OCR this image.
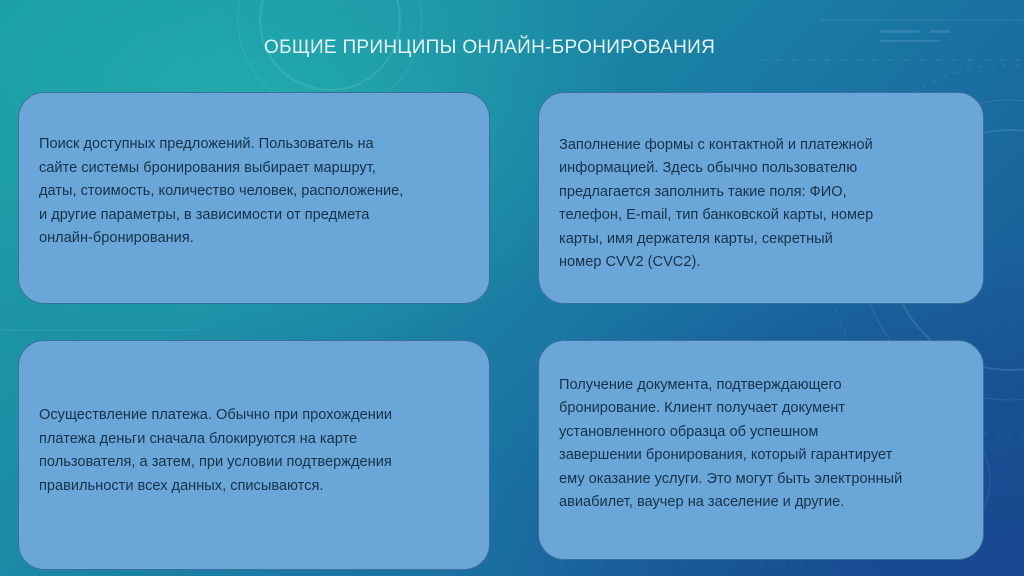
ОБЩИЕ ПРИНЦИПЫ ОНЛАЙН-БРОНИРОВАНИЯ
Поиск доступных предложений. Пользователь на
сайте системы бронирования выбирает маршрут,
даты, стоимость, количество человек, расположение,
и другие параметры, в зависимости от предмета
онлайн-бронирования.
Заполнение формы с контактной и платежной
информацией. Здесь обычно пользователю
предлагается заполнить такие поля: ФИО,
телефон, E-mail, тип банковской карты, номер
карты, имя держателя карты, секретный
номер CVV2 (CVC2).
Осуществление платежа. Обычно при прохождении
платежа деньги сначала блокируются на карте
пользователя, а затем, при условии подтверждения
правильности всех данных, списываются.
Получение документа, подтверждающего
бронирование. Клиент получает документ
установленного образца об успешном
завершении бронирования, который гарантирует
ему оказание услуги. Это могут быть электронный
авиабилет, ваучер на заселение и другие.
